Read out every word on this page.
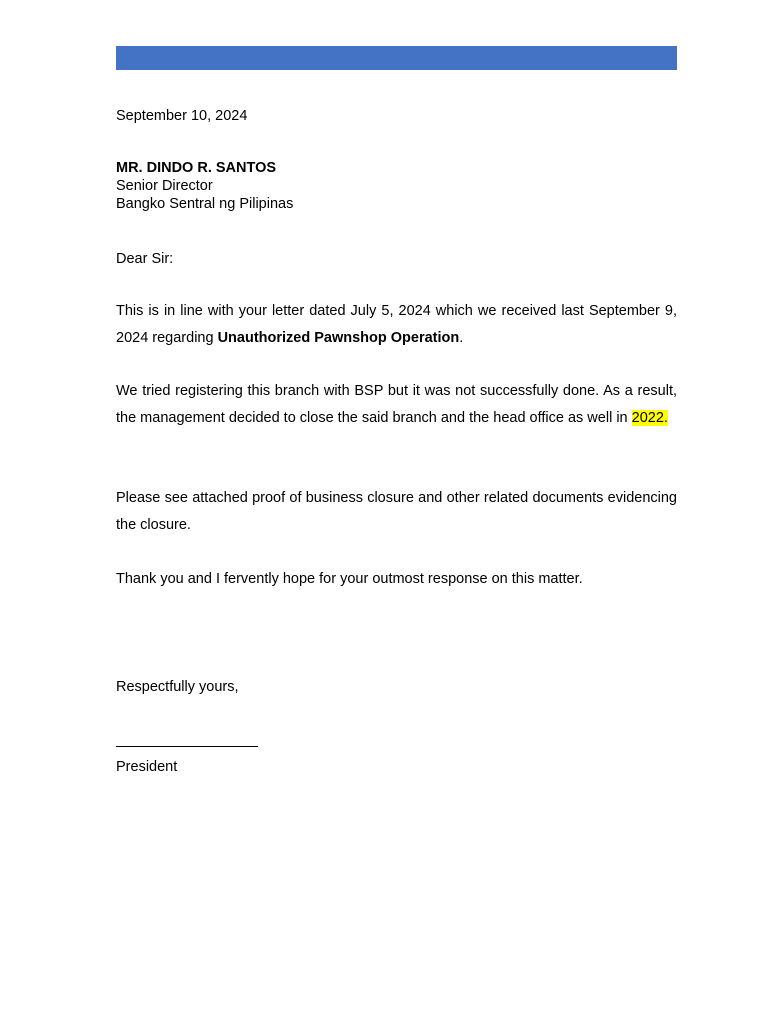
September 10, 2024
MR. DINDO R. SANTOS
Senior Director
Bangko Sentral ng Pilipinas
Dear Sir:

This is in line with your letter dated July 5, 2024 which we received last September 9, 2024 regarding Unauthorized Pawnshop Operation.

We tried registering this branch with BSP but it was not successfully done. As a result, the management decided to close the said branch and the head office as well in 2022.

Please see attached proof of business closure and other related documents evidencing the closure.

Thank you and I fervently hope for your outmost response on this matter.

Respectfully yours,
President
